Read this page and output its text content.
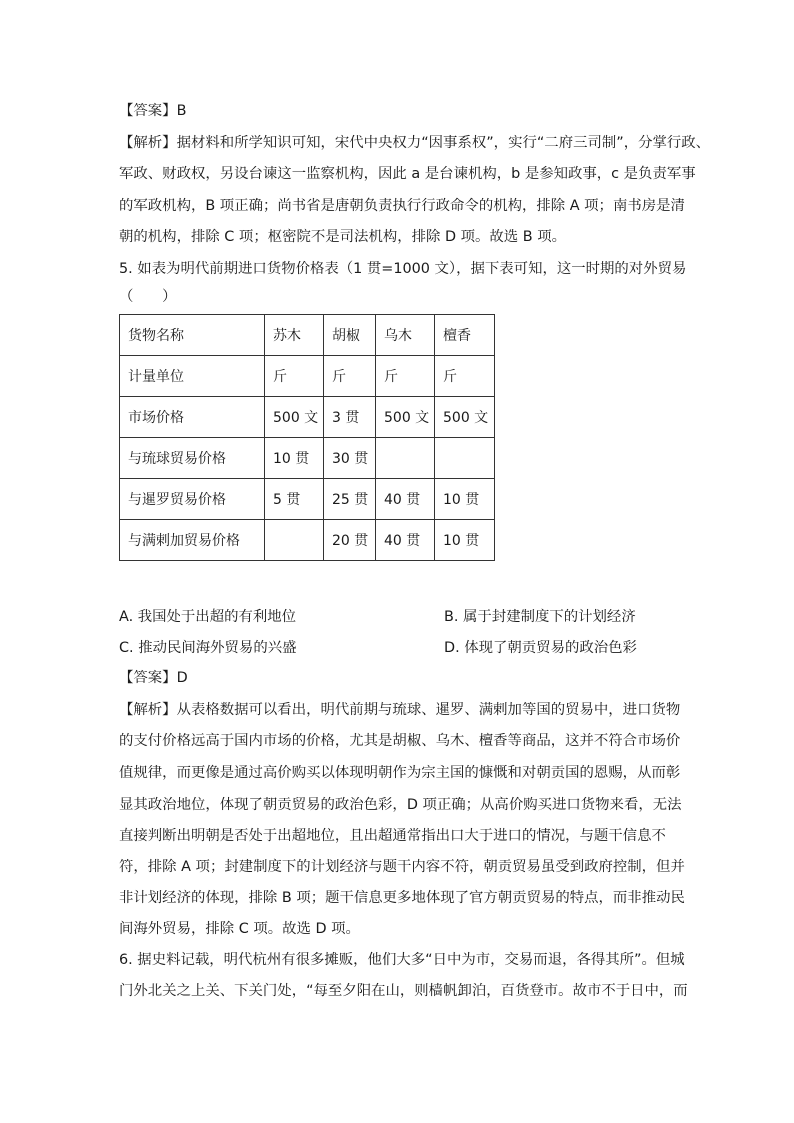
【答案】B
【解析】据材料和所学知识可知，宋代中央权力“因事系权”，实行“二府三司制”，分掌行政、
军政、财政权，另设台谏这一监察机构，因此 a 是台谏机构，b 是参知政事，c 是负责军事
的军政机构，B 项正确；尚书省是唐朝负责执行行政命令的机构，排除 A 项；南书房是清
朝的机构，排除 C 项；枢密院不是司法机构，排除 D 项。故选 B 项。
5. 如表为明代前期进口货物价格表（1 贯=1000 文），据下表可知，这一时期的对外贸易
（　　）
货物名称	苏木	胡椒	乌木	檀香
计量单位	斤	斤	斤	斤
市场价格	500 文	3 贯	500 文	500 文
与琉球贸易价格	10 贯	30 贯		
与暹罗贸易价格	5 贯	25 贯	40 贯	10 贯
与满剌加贸易价格		20 贯	40 贯	10 贯
A. 我国处于出超的有利地位	B. 属于封建制度下的计划经济
C. 推动民间海外贸易的兴盛	D. 体现了朝贡贸易的政治色彩
【答案】D
【解析】从表格数据可以看出，明代前期与琉球、暹罗、满剌加等国的贸易中，进口货物
的支付价格远高于国内市场的价格，尤其是胡椒、乌木、檀香等商品，这并不符合市场价
值规律，而更像是通过高价购买以体现明朝作为宗主国的慷慨和对朝贡国的恩赐，从而彰
显其政治地位，体现了朝贡贸易的政治色彩，D 项正确；从高价购买进口货物来看，无法
直接判断出明朝是否处于出超地位，且出超通常指出口大于进口的情况，与题干信息不
符，排除 A 项；封建制度下的计划经济与题干内容不符，朝贡贸易虽受到政府控制，但并
非计划经济的体现，排除 B 项；题干信息更多地体现了官方朝贡贸易的特点，而非推动民
间海外贸易，排除 C 项。故选 D 项。
6. 据史料记载，明代杭州有很多摊贩，他们大多“日中为市，交易而退，各得其所”。但城
门外北关之上关、下关门处，“每至夕阳在山，则樯帆卸泊，百货登市。故市不于日中，而
